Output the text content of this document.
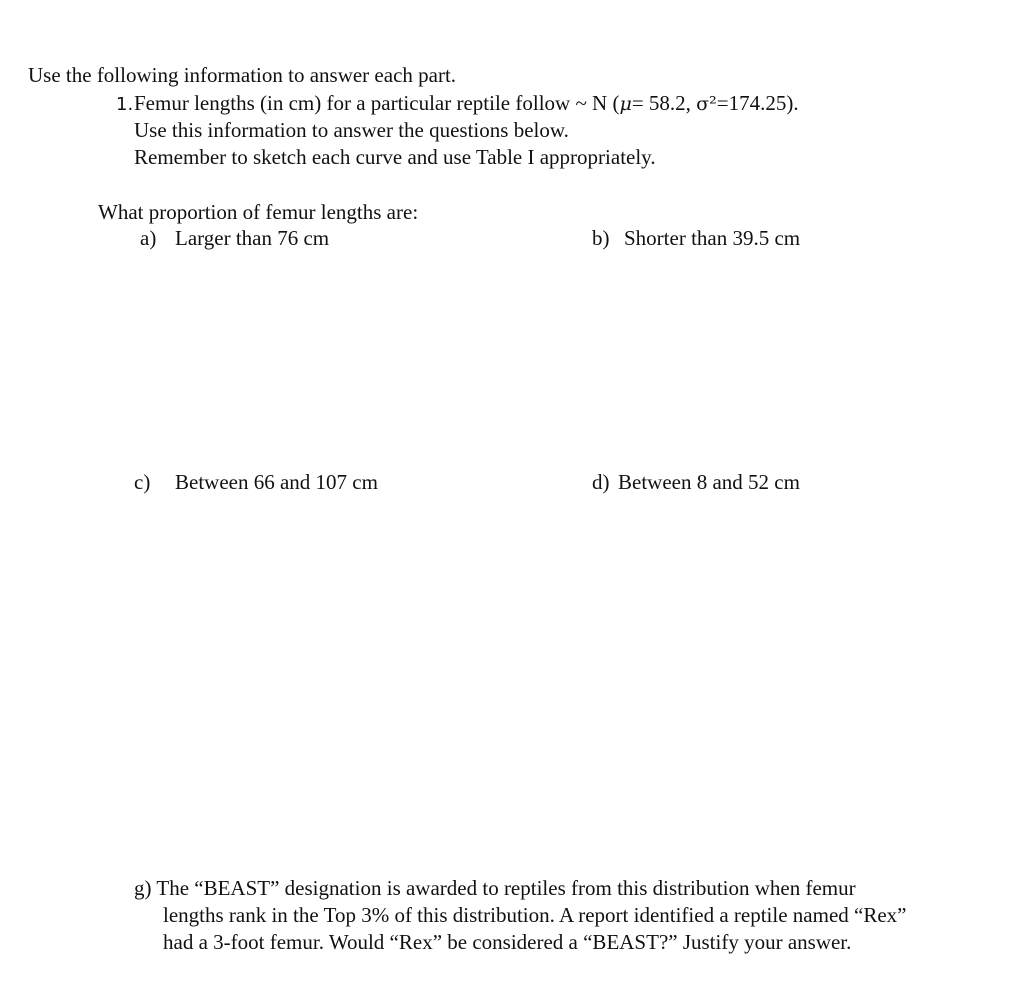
Use the following information to answer each part.
1.Femur lengths (in cm) for a particular reptile follow ~ N (μ= 58.2, σ²=174.25).
Use this information to answer the questions below.
Remember to sketch each curve and use Table I appropriately.
What proportion of femur lengths are:
a) Larger than 76 cm	b) Shorter than 39.5 cm
c) Between 66 and 107 cm	d) Between 8 and 52 cm
g) The “BEAST” designation is awarded to reptiles from this distribution when femur
lengths rank in the Top 3% of this distribution. A report identified a reptile named “Rex”
had a 3-foot femur. Would “Rex” be considered a “BEAST?” Justify your answer.
